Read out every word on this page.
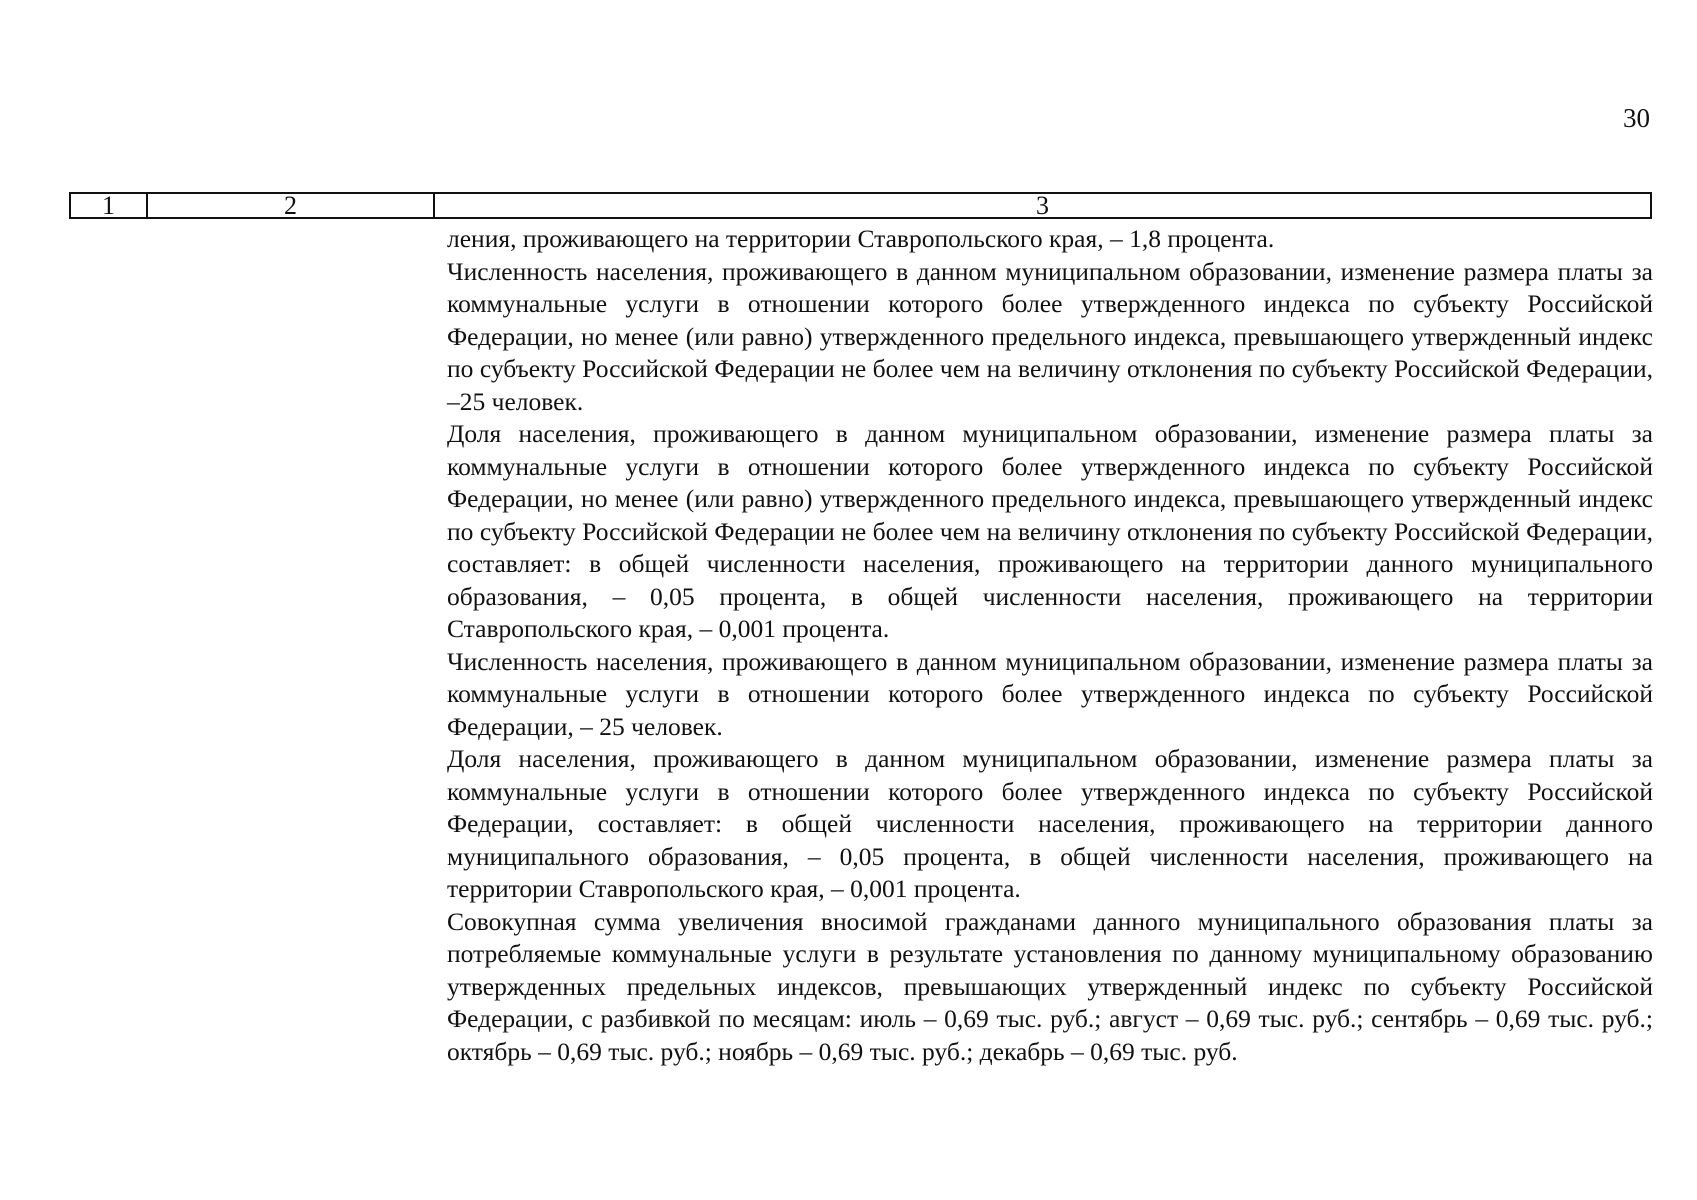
30
1	2	3

ления, проживающего на территории Ставропольского края, – 1,8 процента.

Численность населения, проживающего в данном муниципальном образовании, изменение размера платы за коммунальные услуги в отношении которого более утвержденного индекса по субъекту Российской Федерации, но менее (или равно) утвержденного предельного индекса, превышающего утвержденный индекс по субъекту Российской Федерации не более чем на величину отклонения по субъекту Российской Федерации, –25 человек.

Доля населения, проживающего в данном муниципальном образовании, изменение размера платы за коммунальные услуги в отношении которого более утвержденного индекса по субъекту Российской Федерации, но менее (или равно) утвержденного предельного индекса, превышающего утвержденный индекс по субъекту Российской Федерации не более чем на величину отклонения по субъекту Российской Федерации, составляет: в общей численности населения, проживающего на территории данного муниципального образования, – 0,05 процента, в общей численности населения, проживающего на территории Ставропольского края, – 0,001 процента.

Численность населения, проживающего в данном муниципальном образовании, изменение размера платы за коммунальные услуги в отношении которого более утвержденного индекса по субъекту Российской Федерации, – 25 человек.

Доля населения, проживающего в данном муниципальном образовании, изменение размера платы за коммунальные услуги в отношении которого более утвержденного индекса по субъекту Российской Федерации, составляет: в общей численности населения, проживающего на территории данного муниципального образования, – 0,05 процента, в общей численности населения, проживающего на территории Ставропольского края, – 0,001 процента.

Совокупная сумма увеличения вносимой гражданами данного муниципального образования платы за потребляемые коммунальные услуги в результате установления по данному муниципальному образованию утвержденных предельных индексов, превышающих утвержденный индекс по субъекту Российской Федерации, с разбивкой по месяцам: июль – 0,69 тыс. руб.; август – 0,69 тыс. руб.; сентябрь – 0,69 тыс. руб.; октябрь – 0,69 тыс. руб.; ноябрь – 0,69 тыс. руб.; декабрь – 0,69 тыс. руб.
